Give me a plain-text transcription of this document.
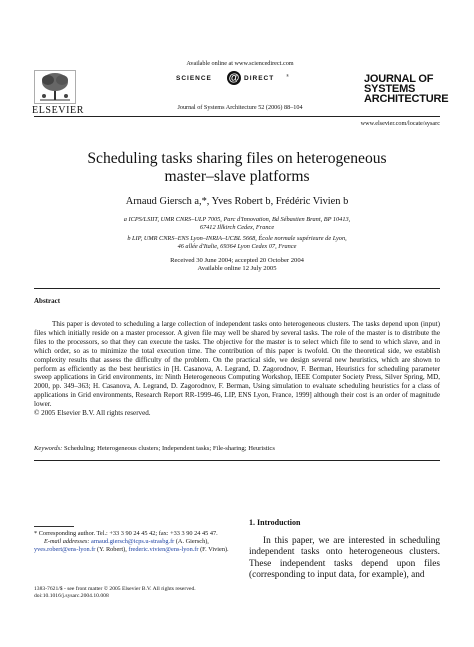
Available online at www.sciencedirect.com
SCIENCE @ DIRECT	®
Journal of Systems Architecture 52 (2006) 88–104
ELSEVIER
JOURNAL OF
SYSTEMS
ARCHITECTURE
www.elsevier.com/locate/sysarc
Scheduling tasks sharing files on heterogeneous
master–slave platforms
Arnaud Giersch a,*, Yves Robert b, Frédéric Vivien b
a ICPS/LSIIT, UMR CNRS–ULP 7005, Parc d'Innovation, Bd Sébastien Brant, BP 10413,
67412 Illkirch Cedex, France
b LIP, UMR CNRS–ENS Lyon–INRIA–UCBL 5668, École normale supérieure de Lyon,
46 allée d'Italie, 69364 Lyon Cedex 07, France
Received 30 June 2004; accepted 20 October 2004
Available online 12 July 2005
Abstract

This paper is devoted to scheduling a large collection of independent tasks onto heterogeneous clusters. The tasks depend upon (input) files which initially reside on a master processor. A given file may well be shared by several tasks. The role of the master is to distribute the files to the processors, so that they can execute the tasks. The objective for the master is to select which file to send to which slave, and in which order, so as to minimize the total execution time. The contribution of this paper is twofold. On the theoretical side, we establish complexity results that assess the difficulty of the problem. On the practical side, we design several new heuristics, which are shown to perform as efficiently as the best heuristics in [H. Casanova, A. Legrand, D. Zagorodnov, F. Berman, Heuristics for scheduling parameter sweep applications in Grid environments, in: Ninth Heterogeneous Computing Workshop, IEEE Computer Society Press, Silver Spring, MD, 2000, pp. 349–363; H. Casanova, A. Legrand, D. Zagorodnov, F. Berman, Using simulation to evaluate scheduling heuristics for a class of applications in Grid environments, Research Report RR-1999-46, LIP, ENS Lyon, France, 1999] although their cost is an order of magnitude lower.

© 2005 Elsevier B.V. All rights reserved.
Keywords: Scheduling; Heterogeneous clusters; Independent tasks; File-sharing; Heuristics
* Corresponding author. Tel.: +33 3 90 24 45 42; fax: +33 3 90 24 45 47.
E-mail addresses: arnaud.giersch@icps.u-strasbg.fr (A. Giersch), yves.robert@ens-lyon.fr (Y. Robert), frederic.vivien@ens-lyon.fr (F. Vivien).
1383-7621/$ - see front matter © 2005 Elsevier B.V. All rights reserved.
doi:10.1016/j.sysarc.2004.10.008
1. Introduction

In this paper, we are interested in scheduling independent tasks onto heterogeneous clusters. These independent tasks depend upon files (corresponding to input data, for example), and
